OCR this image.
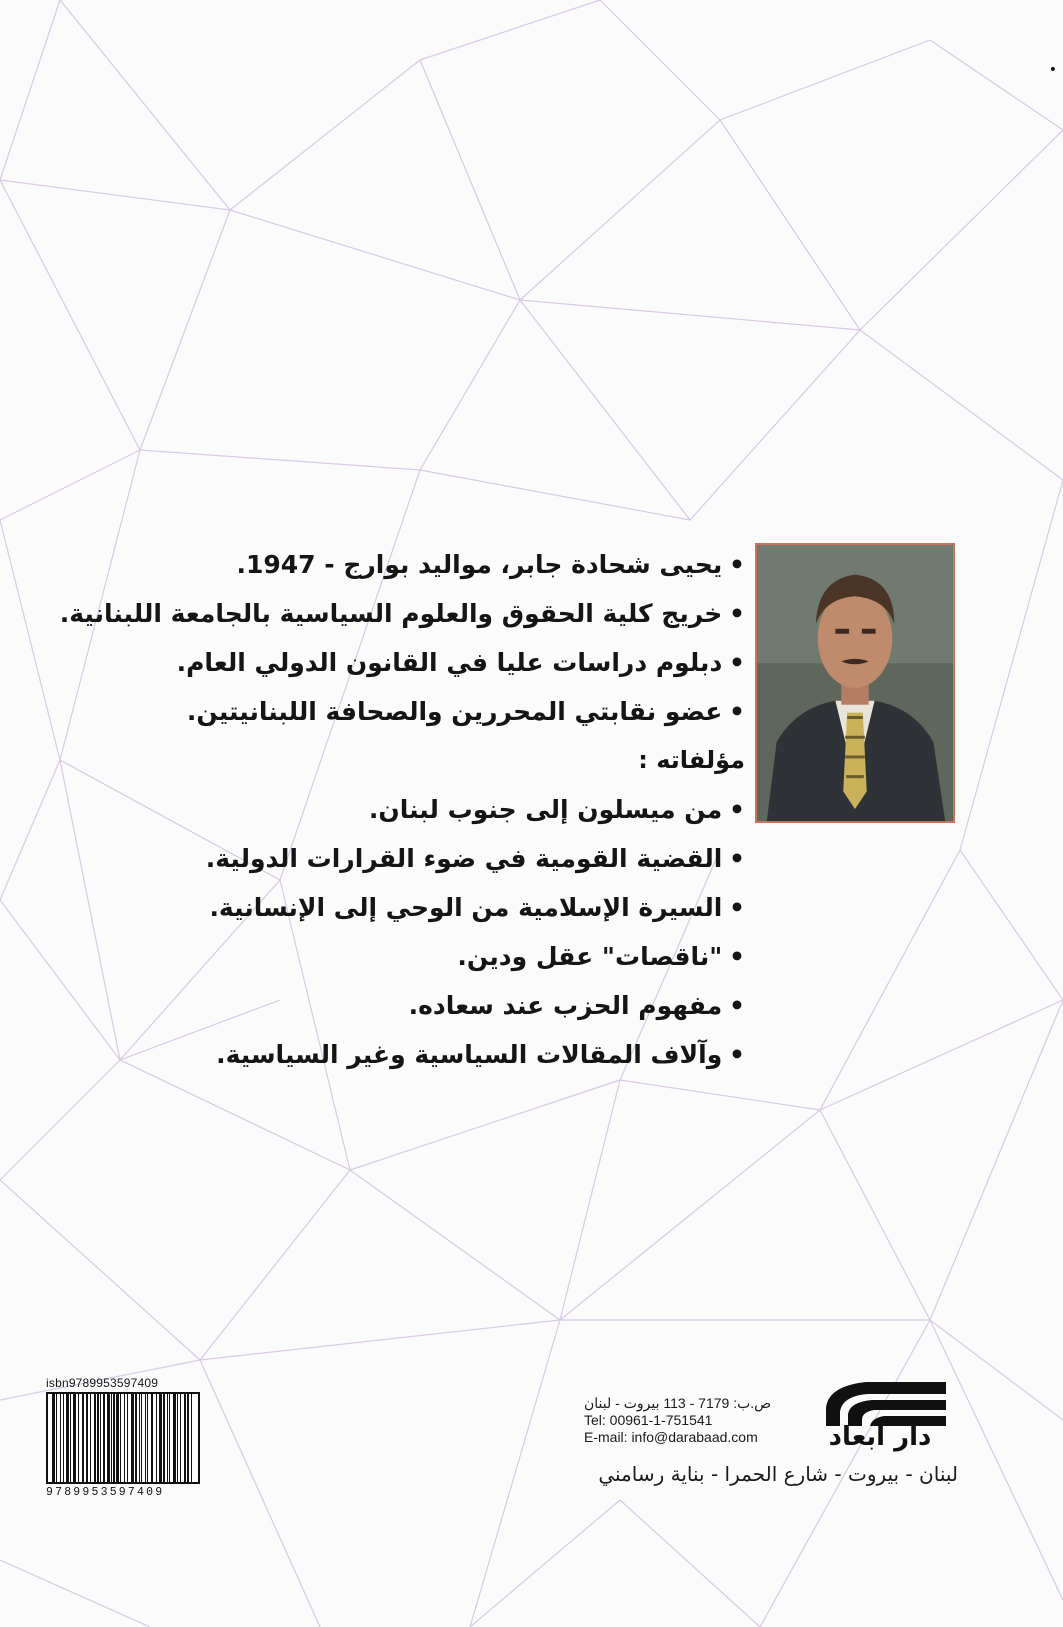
•
• يحيى شحادة جابر، مواليد بوارج - 1947.
• خريج كلية الحقوق والعلوم السياسية بالجامعة اللبنانية.
• دبلوم دراسات عليا في القانون الدولي العام.
• عضو نقابتي المحررين والصحافة اللبنانيتين.
مؤلفاته :
• من ميسلون إلى جنوب لبنان.
• القضية القومية في ضوء القرارات الدولية.
• السيرة الإسلامية من الوحي إلى الإنسانية.
• "ناقصات" عقل ودين.
• مفهوم الحزب عند سعاده.
• وآلاف المقالات السياسية وغير السياسية.
isbn9789953597409
9789953597409
ص.ب: 7179 - 113 بيروت - لبنان
Tel: 00961-1-751541
E-mail: info@darabaad.com	دار ابعاد
لبنان - بيروت - شارع الحمرا - بناية رسامني
